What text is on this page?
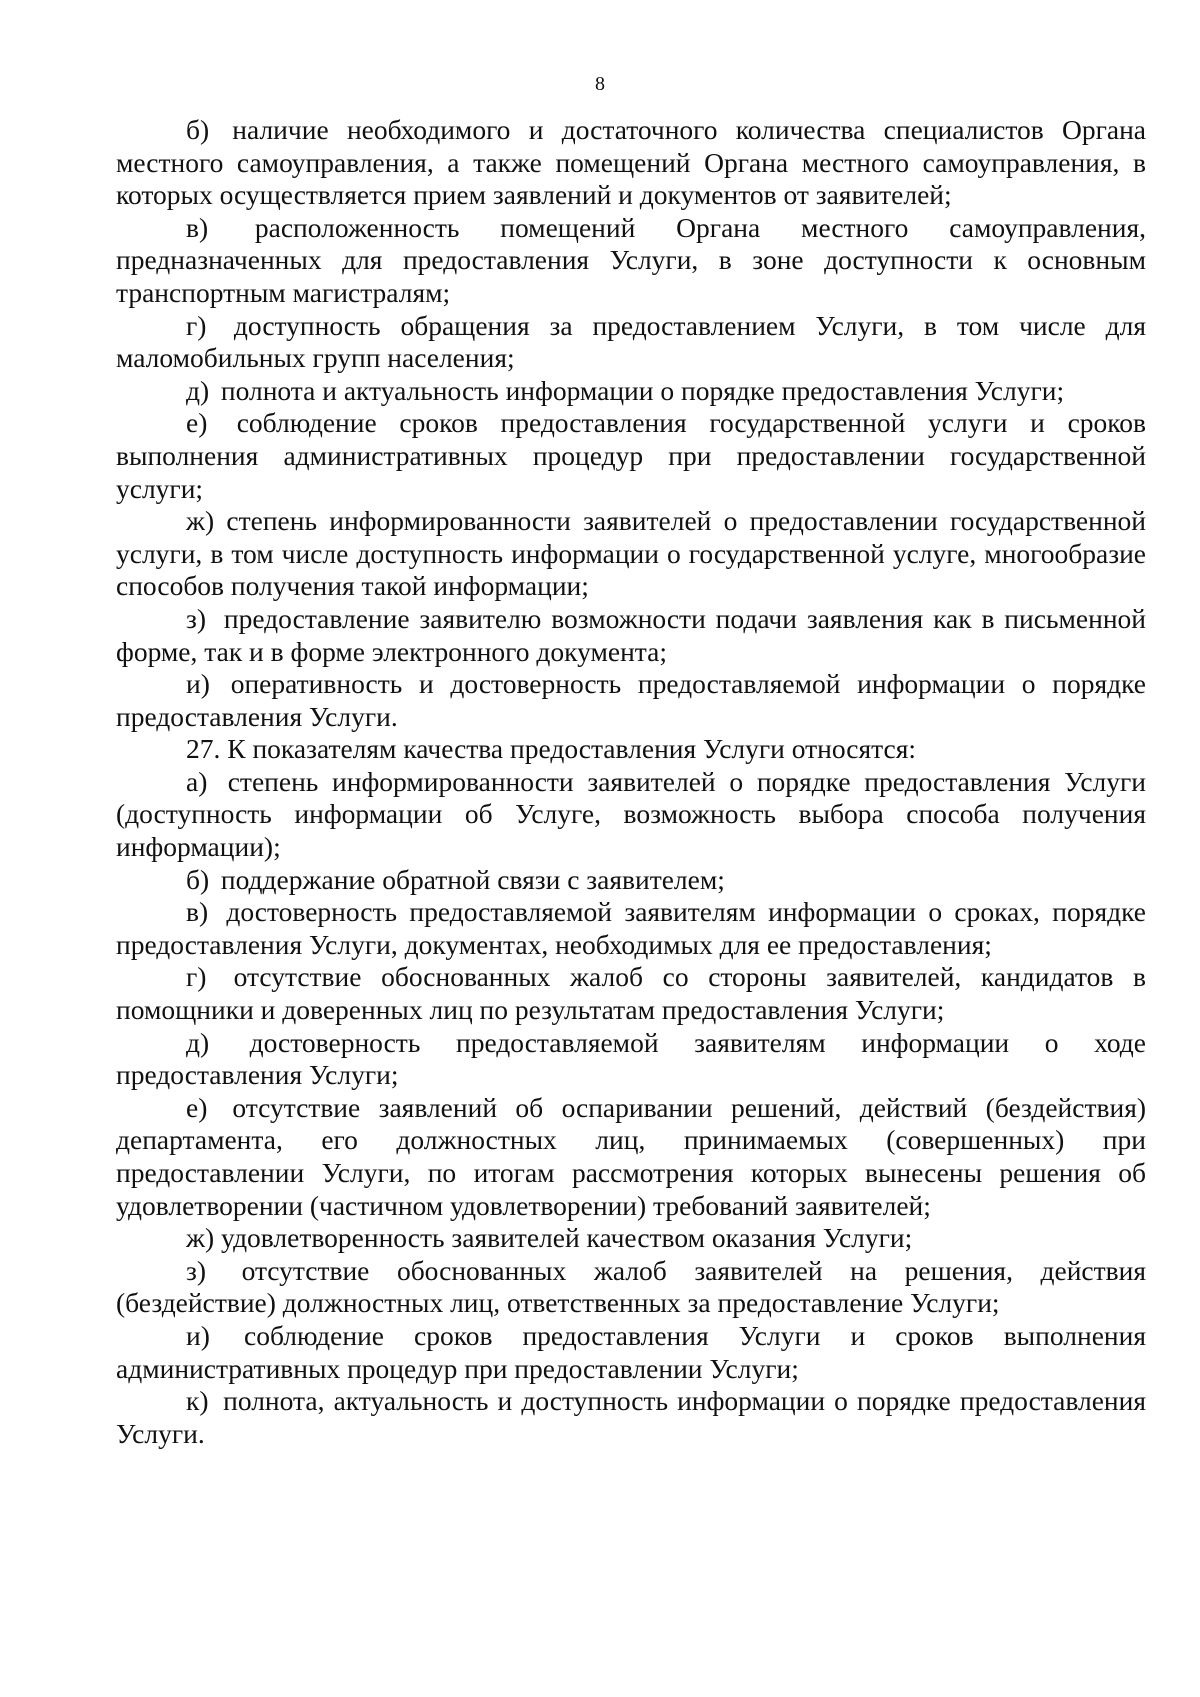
8

б) наличие необходимого и достаточного количества специалистов Органа местного самоуправления, а также помещений Органа местного самоуправления, в которых осуществляется прием заявлений и документов от заявителей;

в) расположенность помещений Органа местного самоуправления, предназначенных для предоставления Услуги, в зоне доступности к основным транспортным магистралям;

г) доступность обращения за предоставлением Услуги, в том числе для маломобильных групп населения;

д) полнота и актуальность информации о порядке предоставления Услуги;

е) соблюдение сроков предоставления государственной услуги и сроков выполнения административных процедур при предоставлении государственной услуги;

ж) степень информированности заявителей о предоставлении государственной услуги, в том числе доступность информации о государственной услуге, многообразие способов получения такой информации;

з) предоставление заявителю возможности подачи заявления как в письменной форме, так и в форме электронного документа;

и) оперативность и достоверность предоставляемой информации о порядке предоставления Услуги.

27. К показателям качества предоставления Услуги относятся:

а) степень информированности заявителей о порядке предоставления Услуги (доступность информации об Услуге, возможность выбора способа получения информации);

б) поддержание обратной связи с заявителем;

в) достоверность предоставляемой заявителям информации о сроках, порядке предоставления Услуги, документах, необходимых для ее предоставления;

г) отсутствие обоснованных жалоб со стороны заявителей, кандидатов в помощники и доверенных лиц по результатам предоставления Услуги;

д) достоверность предоставляемой заявителям информации о ходе предоставления Услуги;

е) отсутствие заявлений об оспаривании решений, действий (бездействия) департамента, его должностных лиц, принимаемых (совершенных) при предоставлении Услуги, по итогам рассмотрения которых вынесены решения об удовлетворении (частичном удовлетворении) требований заявителей;

ж) удовлетворенность заявителей качеством оказания Услуги;

з) отсутствие обоснованных жалоб заявителей на решения, действия (бездействие) должностных лиц, ответственных за предоставление Услуги;

и) соблюдение сроков предоставления Услуги и сроков выполнения административных процедур при предоставлении Услуги;

к) полнота, актуальность и доступность информации о порядке предоставления Услуги.
